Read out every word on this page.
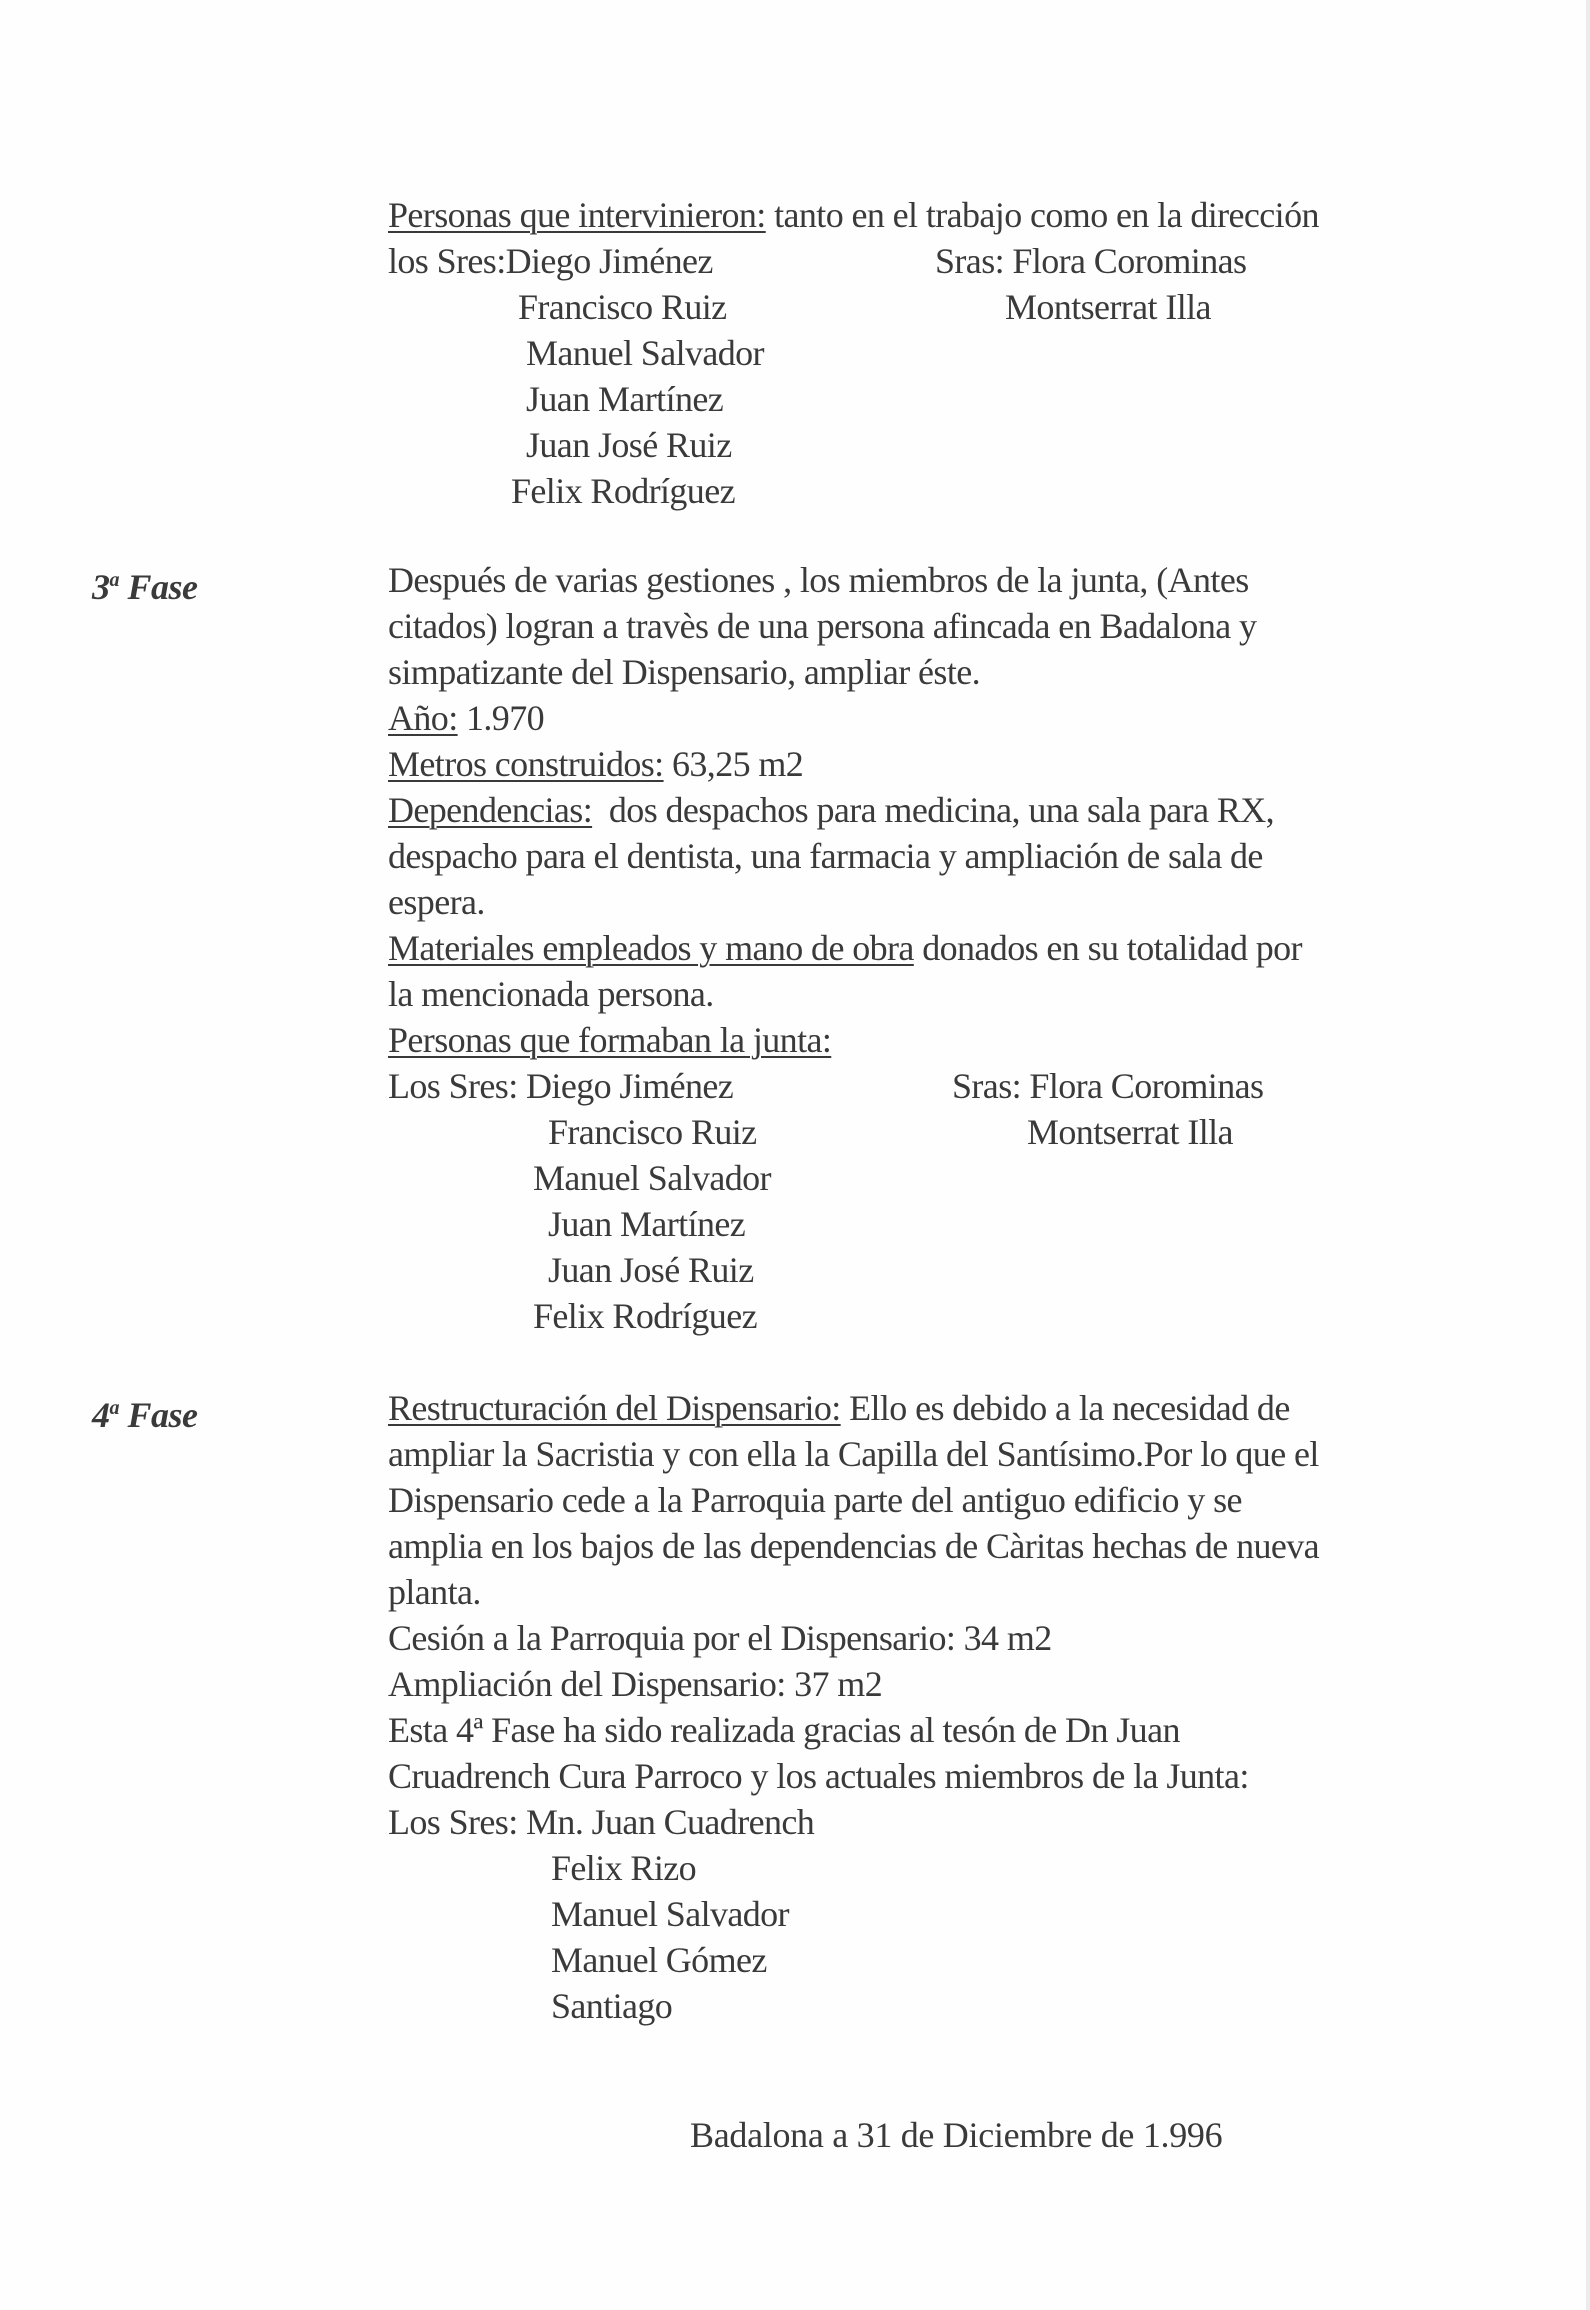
Personas que intervinieron: tanto en el trabajo como en la dirección
los Sres:Diego Jiménez
Francisco Ruiz
Manuel Salvador
Juan Martínez
Juan José Ruiz
Felix Rodríguez
Sras: Flora Corominas
Montserrat Illa
3$^a$ Fase	Después de varias gestiones , los miembros de la junta, (Antes
citados) logran a travès de una persona afincada en Badalona y
simpatizante del Dispensario, ampliar éste.
Año: 1.970
Metros construidos: 63,25 m2
Dependencias:  dos despachos para medicina, una sala para RX,
despacho para el dentista, una farmacia y ampliación de sala de
espera.
Materiales empleados y mano de obra donados en su totalidad por
la mencionada persona.
Personas que formaban la junta:
Los Sres: Diego Jiménez
Francisco Ruiz
Manuel Salvador
Juan Martínez
Juan José Ruiz
Felix Rodríguez
Sras: Flora Corominas
Montserrat Illa
4$^a$ Fase	Restructuración del Dispensario: Ello es debido a la necesidad de
ampliar la Sacristia y con ella la Capilla del Santísimo.Por lo que el
Dispensario cede a la Parroquia parte del antiguo edificio y se
amplia en los bajos de las dependencias de Càritas hechas de nueva
planta.
Cesión a la Parroquia por el Dispensario: 34 m2
Ampliación del Dispensario: 37 m2
Esta 4ª Fase ha sido realizada gracias al tesón de Dn Juan
Cruadrench Cura Parroco y los actuales miembros de la Junta:
Los Sres: Mn. Juan Cuadrench
Felix Rizo
Manuel Salvador
Manuel Gómez
Santiago
Badalona a 31 de Diciembre de 1.996
